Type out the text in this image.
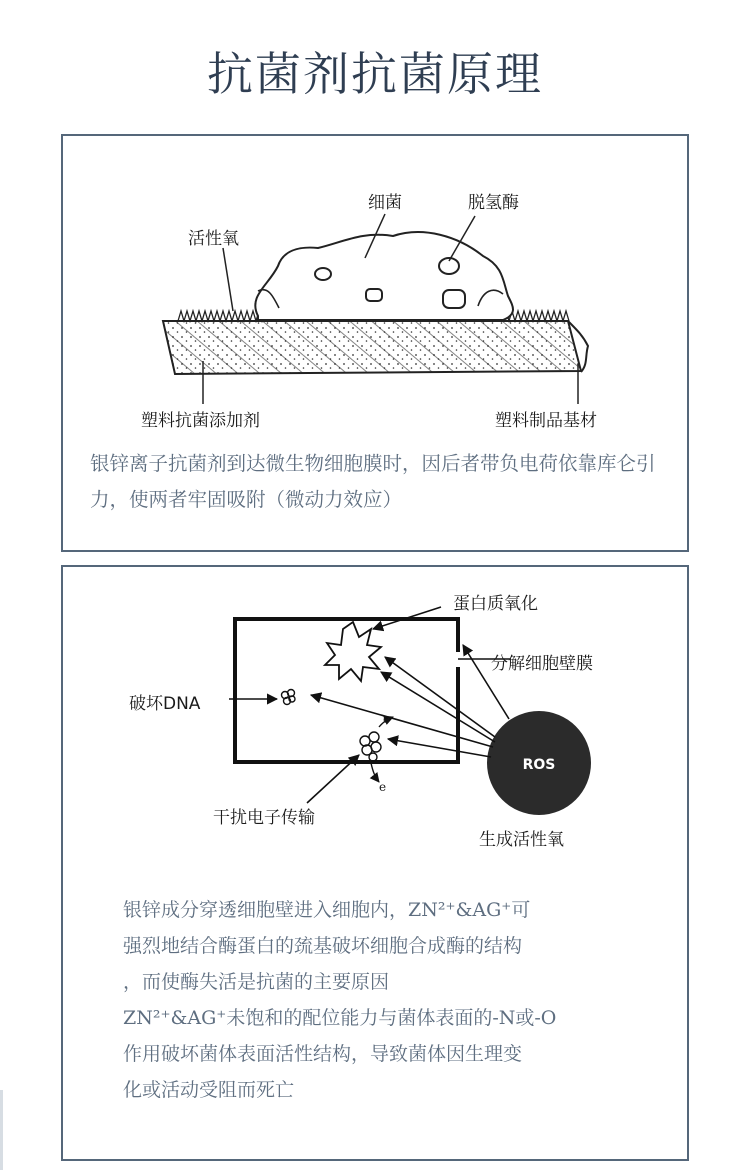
抗菌剂抗菌原理
细菌	脱氢酶
活性氧
塑料抗菌添加剂	塑料制品基材

银锌离子抗菌剂到达微生物细胞膜时，因后者带负电荷依靠库仑引力，使两者牢固吸附（微动力效应）

e
e
ROS
蛋白质氧化
分解细胞壁膜
破坏DNA
干扰电子传输
生成活性氧

银锌成分穿透细胞壁进入细胞内，ZN²⁺&AG⁺可

强烈地结合酶蛋白的巯基破坏细胞合成酶的结构

，而使酶失活是抗菌的主要原因

ZN²⁺&AG⁺未饱和的配位能力与菌体表面的-N或-O

作用破坏菌体表面活性结构，导致菌体因生理变

化或活动受阻而死亡
